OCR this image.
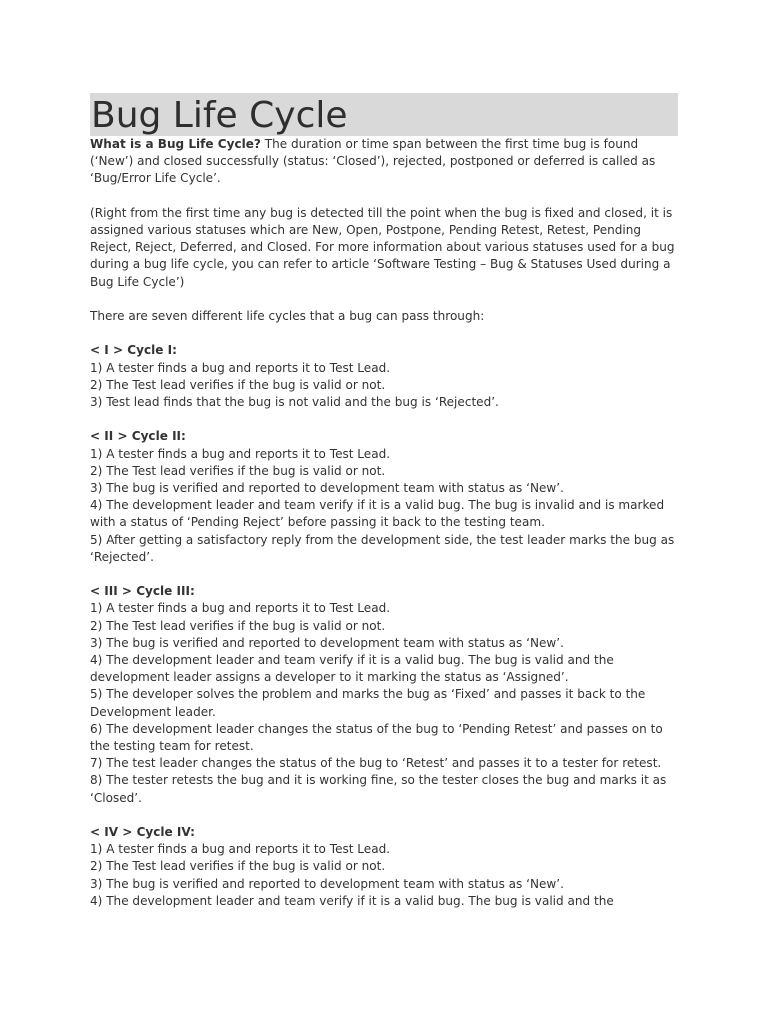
Bug Life Cycle

What is a Bug Life Cycle? The duration or time span between the first time bug is found (‘New’) and closed successfully (status: ‘Closed’), rejected, postponed or deferred is called as ‘Bug/Error Life Cycle’.

(Right from the first time any bug is detected till the point when the bug is fixed and closed, it is assigned various statuses which are New, Open, Postpone, Pending Retest, Retest, Pending Reject, Reject, Deferred, and Closed. For more information about various statuses used for a bug during a bug life cycle, you can refer to article ‘Software Testing – Bug & Statuses Used during a Bug Life Cycle’)

There are seven different life cycles that a bug can pass through:

< I > Cycle I:

1) A tester finds a bug and reports it to Test Lead.

2) The Test lead verifies if the bug is valid or not.

3) Test lead finds that the bug is not valid and the bug is ‘Rejected’.

< II > Cycle II:

1) A tester finds a bug and reports it to Test Lead.

2) The Test lead verifies if the bug is valid or not.

3) The bug is verified and reported to development team with status as ‘New’.

4) The development leader and team verify if it is a valid bug. The bug is invalid and is marked with a status of ‘Pending Reject’ before passing it back to the testing team.

5) After getting a satisfactory reply from the development side, the test leader marks the bug as ‘Rejected’.

< III > Cycle III:

1) A tester finds a bug and reports it to Test Lead.

2) The Test lead verifies if the bug is valid or not.

3) The bug is verified and reported to development team with status as ‘New’.

4) The development leader and team verify if it is a valid bug. The bug is valid and the development leader assigns a developer to it marking the status as ‘Assigned’.

5) The developer solves the problem and marks the bug as ‘Fixed’ and passes it back to the Development leader.

6) The development leader changes the status of the bug to ‘Pending Retest’ and passes on to the testing team for retest.

7) The test leader changes the status of the bug to ‘Retest’ and passes it to a tester for retest.

8) The tester retests the bug and it is working fine, so the tester closes the bug and marks it as ‘Closed’.

< IV > Cycle IV:

1) A tester finds a bug and reports it to Test Lead.

2) The Test lead verifies if the bug is valid or not.

3) The bug is verified and reported to development team with status as ‘New’.

4) The development leader and team verify if it is a valid bug. The bug is valid and the
